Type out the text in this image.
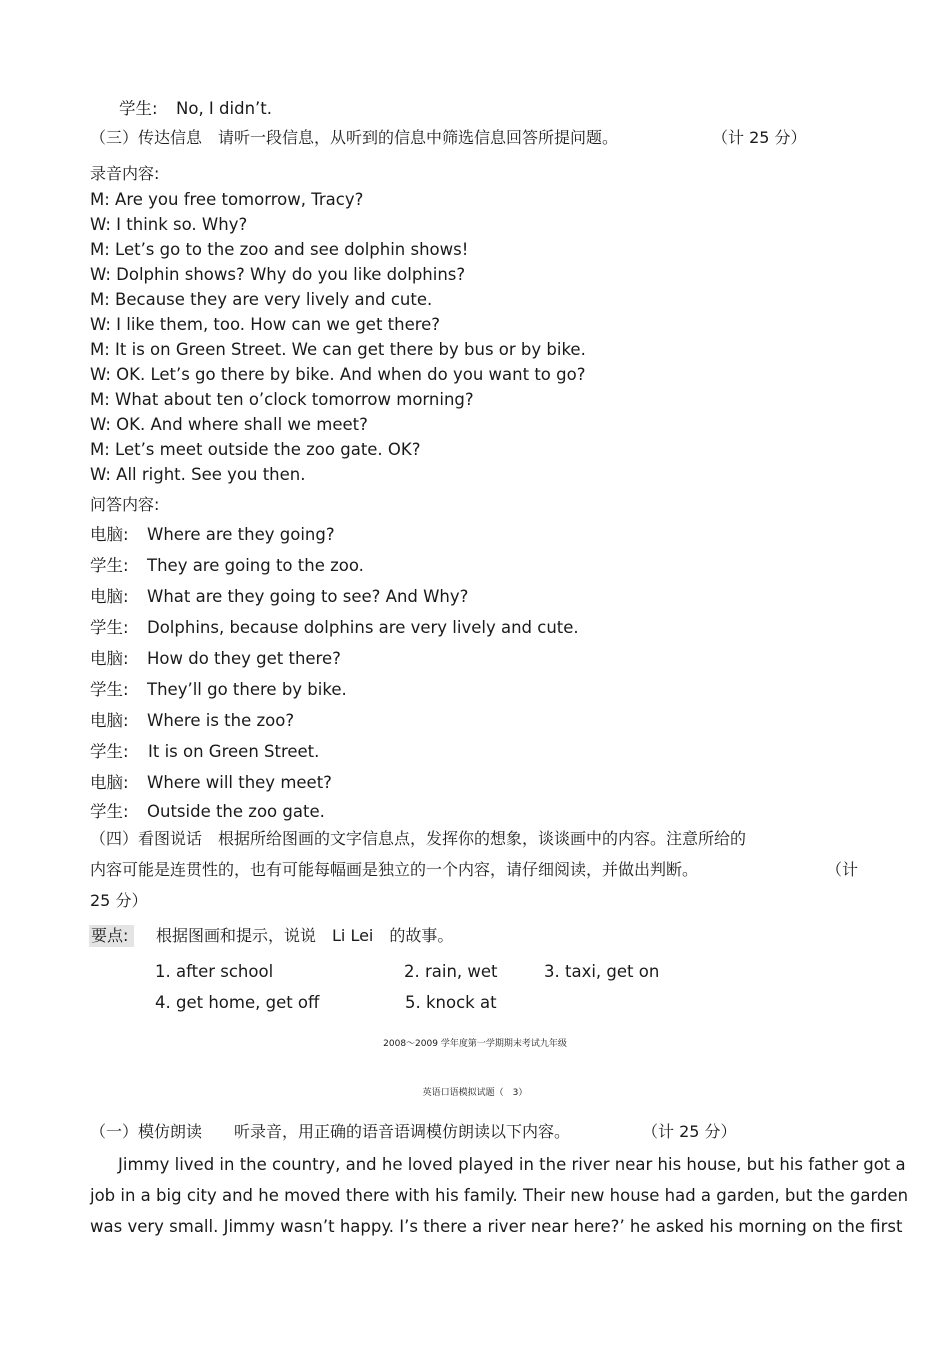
学生: No, I didn’t.
（三）传达信息　请听一段信息，从听到的信息中筛选信息回答所提问题。	（计 25 分）
录音内容:
M: Are you free tomorrow, Tracy?
W: I think so. Why?
M: Let’s go to the zoo and see dolphin shows!
W: Dolphin shows? Why do you like dolphins?
M: Because they are very lively and cute.
W: I like them, too. How can we get there?
M: It is on Green Street. We can get there by bus or by bike.
W: OK. Let’s go there by bike. And when do you want to go?
M: What about ten o’clock tomorrow morning?
W: OK. And where shall we meet?
M: Let’s meet outside the zoo gate. OK?
W: All right. See you then.
问答内容:
电脑: Where are they going?
学生: They are going to the zoo.
电脑: What are they going to see? And Why?
学生: Dolphins, because dolphins are very lively and cute.
电脑: How do they get there?
学生: They’ll go there by bike.
电脑: Where is the zoo?
学生: It is on Green Street.
电脑: Where will they meet?
学生: Outside the zoo gate.
（四）看图说话　根据所给图画的文字信息点，发挥你的想象，谈谈画中的内容。注意所给的
内容可能是连贯性的，也有可能每幅画是独立的一个内容，请仔细阅读，并做出判断。	（计
25 分）
要点:	根据图画和提示，说说　Li Lei　的故事。
1. after school	2. rain, wet	3. taxi, get on
4. get home, get off	5. knock at
2008～2009 学年度第一学期期末考试九年级
英语口语模拟试题（　3）
（一）模仿朗读　　听录音，用正确的语音语调模仿朗读以下内容。	（计 25 分）
Jimmy lived in the country, and he loved played in the river near his house, but his father got a
job in a big city and he moved there with his family. Their new house had a garden, but the garden
was very small. Jimmy wasn’t happy. I’s there a river near here?’ he asked his morning on the first
